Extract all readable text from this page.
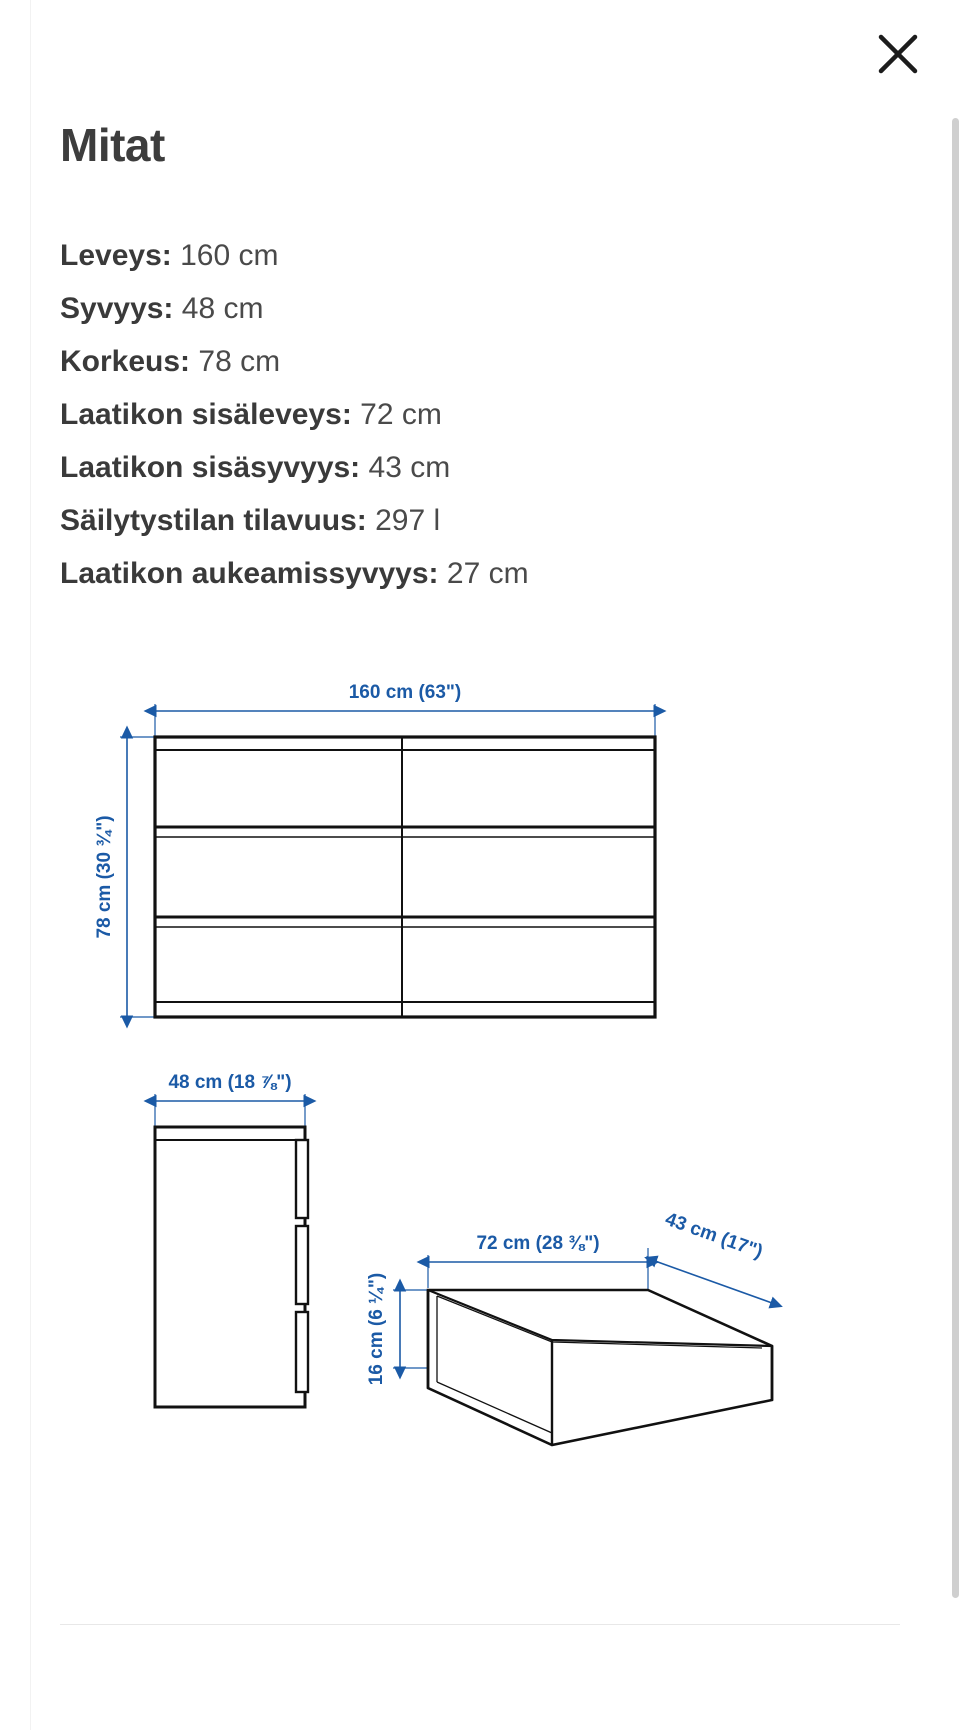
Mitat
Leveys: 160 cm
Syvyys: 48 cm
Korkeus: 78 cm
Laatikon sisäleveys: 72 cm
Laatikon sisäsyvyys: 43 cm
Säilytystilan tilavuus: 297 l
Laatikon aukeamissyvyys: 27 cm
160 cm (63")
78 cm (30 ¾")
48 cm (18 ⅞")
72 cm (28 ⅜")	43 cm (17")
16 cm (6 ¼")
